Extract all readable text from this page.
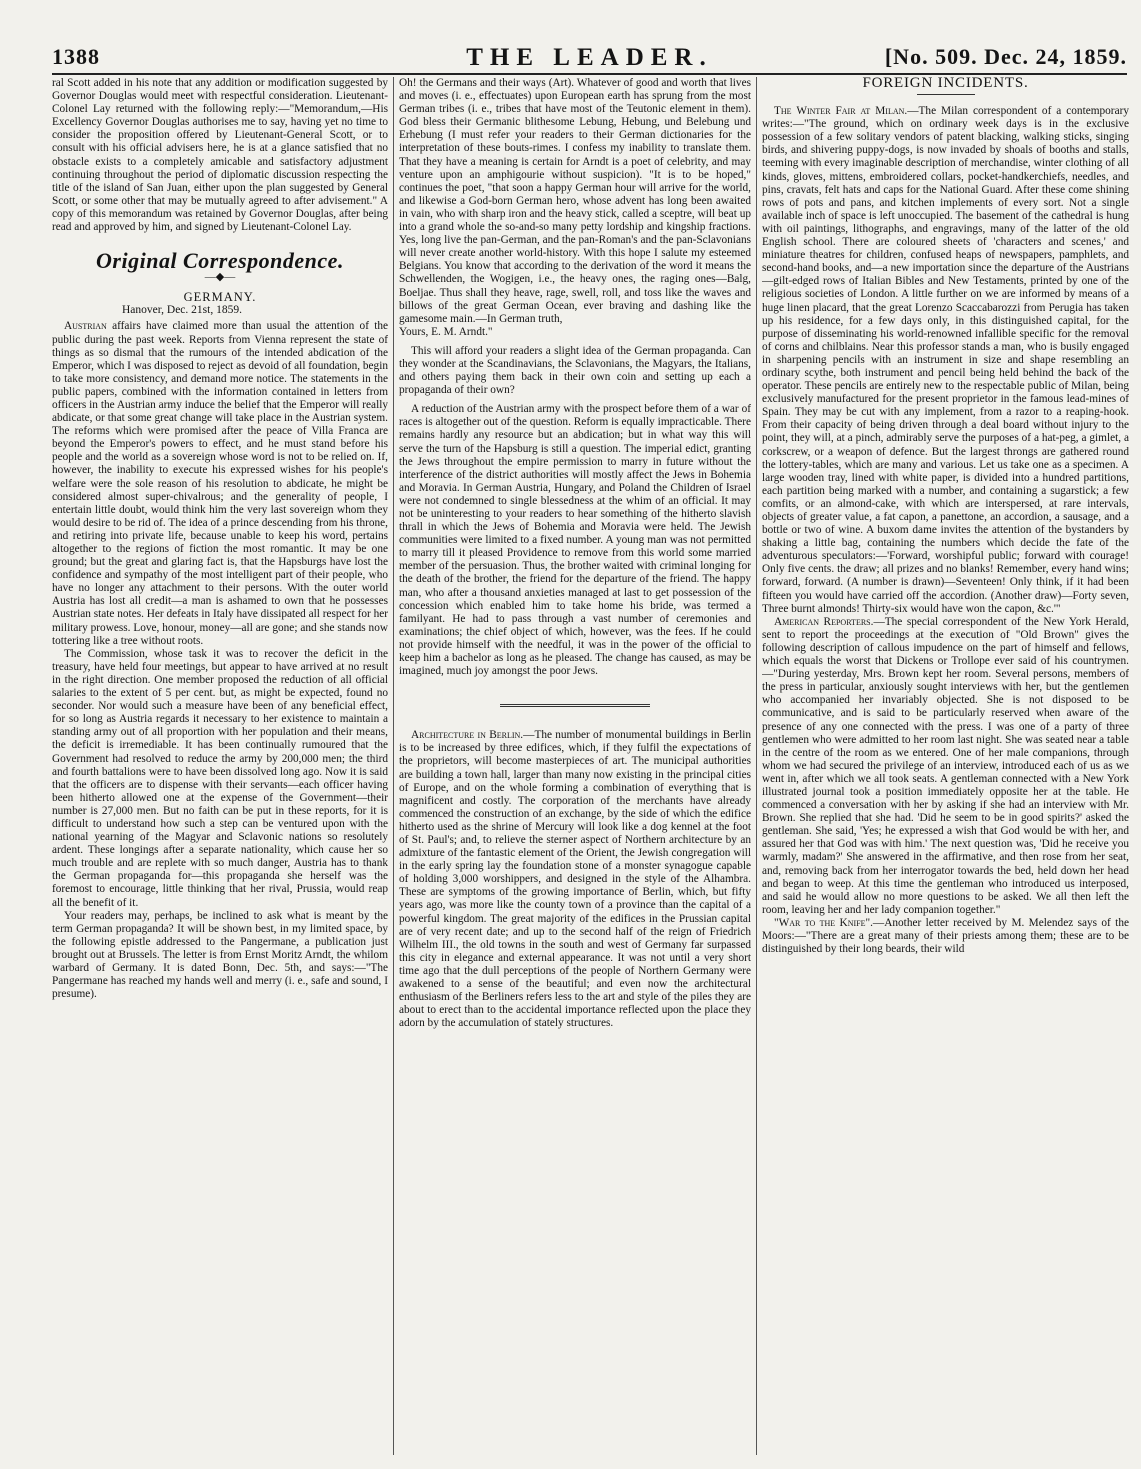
1388	THE LEADER.	[No. 509. Dec. 24, 1859.

ral Scott added in his note that any addition or modification suggested by Governor Douglas would meet with respectful consideration. Lieutenant-Colonel Lay returned with the following reply:—"Memorandum,—His Excellency Governor Douglas authorises me to say, having yet no time to consider the proposition offered by Lieutenant-General Scott, or to consult with his official advisers here, he is at a glance satisfied that no obstacle exists to a completely amicable and satisfactory adjustment continuing throughout the period of diplomatic discussion respecting the title of the island of San Juan, either upon the plan suggested by General Scott, or some other that may be mutually agreed to after advisement." A copy of this memorandum was retained by Governor Douglas, after being read and approved by him, and signed by Lieutenant-Colonel Lay.

Original Correspondence.
—◆—
GERMANY.
Hanover, Dec. 21st, 1859.

Austrian affairs have claimed more than usual the attention of the public during the past week. Reports from Vienna represent the state of things as so dismal that the rumours of the intended abdication of the Emperor, which I was disposed to reject as devoid of all foundation, begin to take more consistency, and demand more notice. The statements in the public papers, combined with the information contained in letters from officers in the Austrian army induce the belief that the Emperor will really abdicate, or that some great change will take place in the Austrian system. The reforms which were promised after the peace of Villa Franca are beyond the Emperor's powers to effect, and he must stand before his people and the world as a sovereign whose word is not to be relied on. If, however, the inability to execute his expressed wishes for his people's welfare were the sole reason of his resolution to abdicate, he might be considered almost super-chivalrous; and the generality of people, I entertain little doubt, would think him the very last sovereign whom they would desire to be rid of. The idea of a prince descending from his throne, and retiring into private life, because unable to keep his word, pertains altogether to the regions of fiction the most romantic. It may be one ground; but the great and glaring fact is, that the Hapsburgs have lost the confidence and sympathy of the most intelligent part of their people, who have no longer any attachment to their persons. With the outer world Austria has lost all credit—a man is ashamed to own that he possesses Austrian state notes. Her defeats in Italy have dissipated all respect for her military prowess. Love, honour, money—all are gone; and she stands now tottering like a tree without roots.

The Commission, whose task it was to recover the deficit in the treasury, have held four meetings, but appear to have arrived at no result in the right direction. One member proposed the reduction of all official salaries to the extent of 5 per cent. but, as might be expected, found no seconder. Nor would such a measure have been of any beneficial effect, for so long as Austria regards it necessary to her existence to maintain a standing army out of all proportion with her population and their means, the deficit is irremediable. It has been continually rumoured that the Government had resolved to reduce the army by 200,000 men; the third and fourth battalions were to have been dissolved long ago. Now it is said that the officers are to dispense with their servants—each officer having been hitherto allowed one at the expense of the Government—their number is 27,000 men. But no faith can be put in these reports, for it is difficult to understand how such a step can be ventured upon with the national yearning of the Magyar and Sclavonic nations so resolutely ardent. These longings after a separate nationality, which cause her so much trouble and are replete with so much danger, Austria has to thank the German propaganda for—this propaganda she herself was the foremost to encourage, little thinking that her rival, Prussia, would reap all the benefit of it.

Your readers may, perhaps, be inclined to ask what is meant by the term German propaganda? It will be shown best, in my limited space, by the following epistle addressed to the Pangermane, a publication just brought out at Brussels. The letter is from Ernst Moritz Arndt, the whilom warbard of Germany. It is dated Bonn, Dec. 5th, and says:—"The Pangermane has reached my hands well and merry (i. e., safe and sound, I presume).

Oh! the Germans and their ways (Art). Whatever of good and worth that lives and moves (i. e., effectuates) upon European earth has sprung from the most German tribes (i. e., tribes that have most of the Teutonic element in them). God bless their Germanic blithesome Lebung, Hebung, und Belebung und Erhebung (I must refer your readers to their German dictionaries for the interpretation of these bouts-rimes. I confess my inability to translate them. That they have a meaning is certain for Arndt is a poet of celebrity, and may venture upon an amphigourie without suspicion). "It is to be hoped," continues the poet, "that soon a happy German hour will arrive for the world, and likewise a God-born German hero, whose advent has long been awaited in vain, who with sharp iron and the heavy stick, called a sceptre, will beat up into a grand whole the so-and-so many petty lordship and kingship fractions. Yes, long live the pan-German, and the pan-Roman's and the pan-Sclavonians will never create another world-history. With this hope I salute my esteemed Belgians. You know that according to the derivation of the word it means the Schwellenden, the Wogigen, i.e., the heavy ones, the raging ones—Balg, Boeljae. Thus shall they heave, rage, swell, roll, and toss like the waves and billows of the great German Ocean, ever braving and dashing like the gamesome main.—In German truth,

Yours, E. M. Arndt."

This will afford your readers a slight idea of the German propaganda. Can they wonder at the Scandinavians, the Sclavonians, the Magyars, the Italians, and others paying them back in their own coin and setting up each a propaganda of their own?

A reduction of the Austrian army with the prospect before them of a war of races is altogether out of the question. Reform is equally impracticable. There remains hardly any resource but an abdication; but in what way this will serve the turn of the Hapsburg is still a question. The imperial edict, granting the Jews throughout the empire permission to marry in future without the interference of the district authorities will mostly affect the Jews in Bohemia and Moravia. In German Austria, Hungary, and Poland the Children of Israel were not condemned to single blessedness at the whim of an official. It may not be uninteresting to your readers to hear something of the hitherto slavish thrall in which the Jews of Bohemia and Moravia were held. The Jewish communities were limited to a fixed number. A young man was not permitted to marry till it pleased Providence to remove from this world some married member of the persuasion. Thus, the brother waited with criminal longing for the death of the brother, the friend for the departure of the friend. The happy man, who after a thousand anxieties managed at last to get possession of the concession which enabled him to take home his bride, was termed a familyant. He had to pass through a vast number of ceremonies and examinations; the chief object of which, however, was the fees. If he could not provide himself with the needful, it was in the power of the official to keep him a bachelor as long as he pleased. The change has caused, as may be imagined, much joy amongst the poor Jews.

Architecture in Berlin.—The number of monumental buildings in Berlin is to be increased by three edifices, which, if they fulfil the expectations of the proprietors, will become masterpieces of art. The municipal authorities are building a town hall, larger than many now existing in the principal cities of Europe, and on the whole forming a combination of everything that is magnificent and costly. The corporation of the merchants have already commenced the construction of an exchange, by the side of which the edifice hitherto used as the shrine of Mercury will look like a dog kennel at the foot of St. Paul's; and, to relieve the sterner aspect of Northern architecture by an admixture of the fantastic element of the Orient, the Jewish congregation will in the early spring lay the foundation stone of a monster synagogue capable of holding 3,000 worshippers, and designed in the style of the Alhambra. These are symptoms of the growing importance of Berlin, which, but fifty years ago, was more like the county town of a province than the capital of a powerful kingdom. The great majority of the edifices in the Prussian capital are of very recent date; and up to the second half of the reign of Friedrich Wilhelm III., the old towns in the south and west of Germany far surpassed this city in elegance and external appearance. It was not until a very short time ago that the dull perceptions of the people of Northern Germany were awakened to a sense of the beautiful; and even now the architectural enthusiasm of the Berliners refers less to the art and style of the piles they are about to erect than to the accidental importance reflected upon the place they adorn by the accumulation of stately structures.

FOREIGN INCIDENTS.

The Winter Fair at Milan.—The Milan correspondent of a contemporary writes:—"The ground, which on ordinary week days is in the exclusive possession of a few solitary vendors of patent blacking, walking sticks, singing birds, and shivering puppy-dogs, is now invaded by shoals of booths and stalls, teeming with every imaginable description of merchandise, winter clothing of all kinds, gloves, mittens, embroidered collars, pocket-handkerchiefs, needles, and pins, cravats, felt hats and caps for the National Guard. After these come shining rows of pots and pans, and kitchen implements of every sort. Not a single available inch of space is left unoccupied. The basement of the cathedral is hung with oil paintings, lithographs, and engravings, many of the latter of the old English school. There are coloured sheets of 'characters and scenes,' and miniature theatres for children, confused heaps of newspapers, pamphlets, and second-hand books, and—a new importation since the departure of the Austrians—gilt-edged rows of Italian Bibles and New Testaments, printed by one of the religious societies of London. A little further on we are informed by means of a huge linen placard, that the great Lorenzo Scaccabarozzi from Perugia has taken up his residence, for a few days only, in this distinguished capital, for the purpose of disseminating his world-renowned infallible specific for the removal of corns and chilblains. Near this professor stands a man, who is busily engaged in sharpening pencils with an instrument in size and shape resembling an ordinary scythe, both instrument and pencil being held behind the back of the operator. These pencils are entirely new to the respectable public of Milan, being exclusively manufactured for the present proprietor in the famous lead-mines of Spain. They may be cut with any implement, from a razor to a reaping-hook. From their capacity of being driven through a deal board without injury to the point, they will, at a pinch, admirably serve the purposes of a hat-peg, a gimlet, a corkscrew, or a weapon of defence. But the largest throngs are gathered round the lottery-tables, which are many and various. Let us take one as a specimen. A large wooden tray, lined with white paper, is divided into a hundred partitions, each partition being marked with a number, and containing a sugarstick; a few comfits, or an almond-cake, with which are interspersed, at rare intervals, objects of greater value, a fat capon, a panettone, an accordion, a sausage, and a bottle or two of wine. A buxom dame invites the attention of the bystanders by shaking a little bag, containing the numbers which decide the fate of the adventurous speculators:—'Forward, worshipful public; forward with courage! Only five cents. the draw; all prizes and no blanks! Remember, every hand wins; forward, forward. (A number is drawn)—Seventeen! Only think, if it had been fifteen you would have carried off the accordion. (Another draw)—Forty seven, Three burnt almonds! Thirty-six would have won the capon, &c.'"

American Reporters.—The special correspondent of the New York Herald, sent to report the proceedings at the execution of "Old Brown" gives the following description of callous impudence on the part of himself and fellows, which equals the worst that Dickens or Trollope ever said of his countrymen.—"During yesterday, Mrs. Brown kept her room. Several persons, members of the press in particular, anxiously sought interviews with her, but the gentlemen who accompanied her invariably objected. She is not disposed to be communicative, and is said to be particularly reserved when aware of the presence of any one connected with the press. I was one of a party of three gentlemen who were admitted to her room last night. She was seated near a table in the centre of the room as we entered. One of her male companions, through whom we had secured the privilege of an interview, introduced each of us as we went in, after which we all took seats. A gentleman connected with a New York illustrated journal took a position immediately opposite her at the table. He commenced a conversation with her by asking if she had an interview with Mr. Brown. She replied that she had. 'Did he seem to be in good spirits?' asked the gentleman. She said, 'Yes; he expressed a wish that God would be with her, and assured her that God was with him.' The next question was, 'Did he receive you warmly, madam?' She answered in the affirmative, and then rose from her seat, and, removing back from her interrogator towards the bed, held down her head and began to weep. At this time the gentleman who introduced us interposed, and said he would allow no more questions to be asked. We all then left the room, leaving her and her lady companion together."

"War to the Knife".—Another letter received by M. Melendez says of the Moors:—"There are a great many of their priests among them; these are to be distinguished by their long beards, their wild
